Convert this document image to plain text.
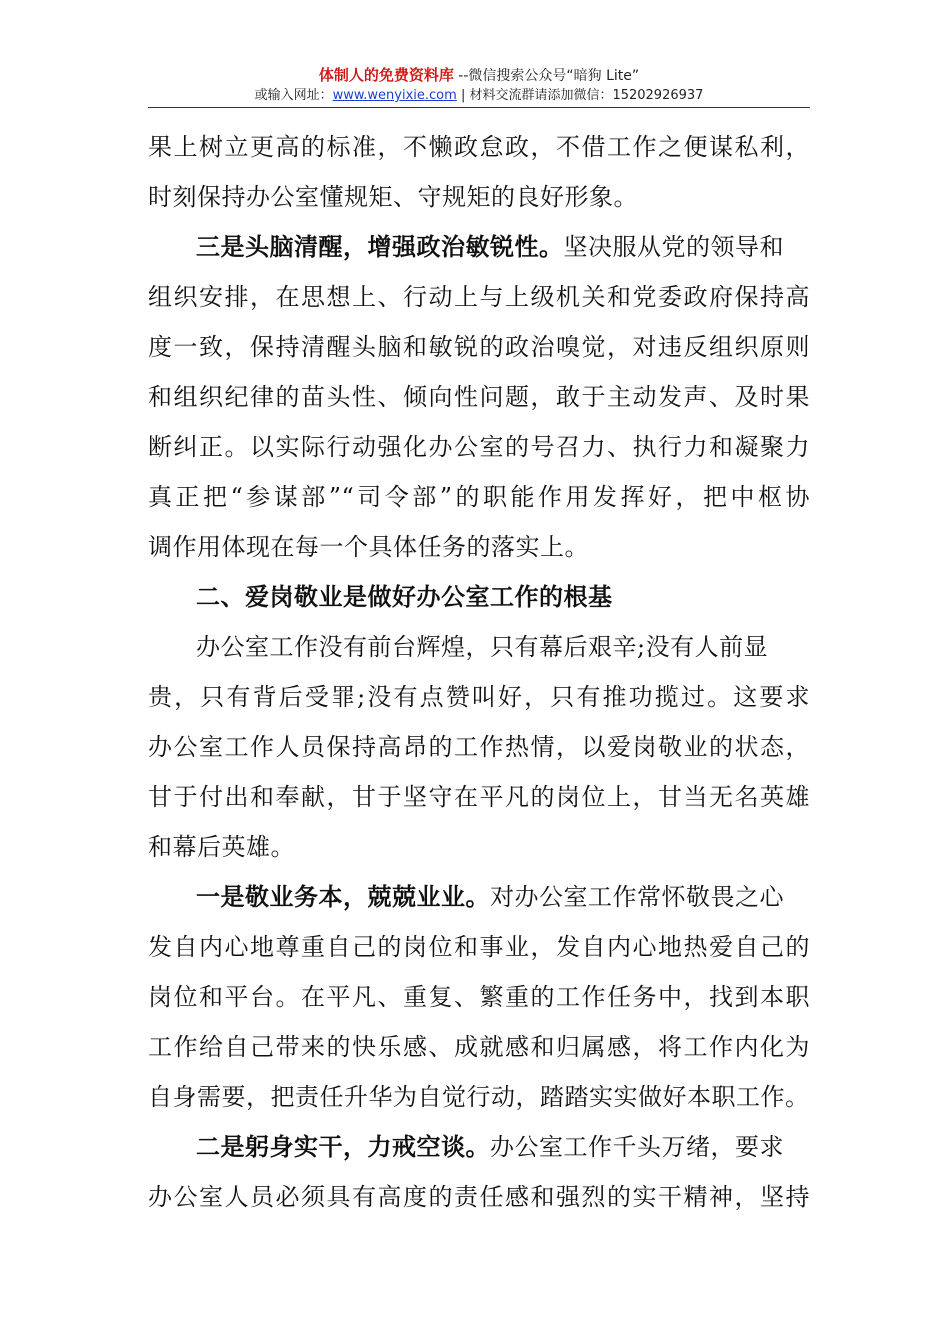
体制人的免费资料库 --微信搜索公众号“暗狗 Lite”
或输入网址：www.wenyixie.com | 材料交流群请添加微信：15202926937
果上树立更高的标准，不懒政怠政，不借工作之便谋私利，
时刻保持办公室懂规矩、守规矩的良好形象。
三是头脑清醒，增强政治敏锐性。坚决服从党的领导和
组织安排，在思想上、行动上与上级机关和党委政府保持高
度一致，保持清醒头脑和敏锐的政治嗅觉，对违反组织原则
和组织纪律的苗头性、倾向性问题，敢于主动发声、及时果
断纠正。以实际行动强化办公室的号召力、执行力和凝聚力
真正把“参谋部”“司令部”的职能作用发挥好，把中枢协
调作用体现在每一个具体任务的落实上。
二、爱岗敬业是做好办公室工作的根基
办公室工作没有前台辉煌，只有幕后艰辛;没有人前显
贵，只有背后受罪;没有点赞叫好，只有推功揽过。这要求
办公室工作人员保持高昂的工作热情，以爱岗敬业的状态，
甘于付出和奉献，甘于坚守在平凡的岗位上，甘当无名英雄
和幕后英雄。
一是敬业务本，兢兢业业。对办公室工作常怀敬畏之心
发自内心地尊重自己的岗位和事业，发自内心地热爱自己的
岗位和平台。在平凡、重复、繁重的工作任务中，找到本职
工作给自己带来的快乐感、成就感和归属感，将工作内化为
自身需要，把责任升华为自觉行动，踏踏实实做好本职工作。
二是躬身实干，力戒空谈。办公室工作千头万绪，要求
办公室人员必须具有高度的责任感和强烈的实干精神，坚持
